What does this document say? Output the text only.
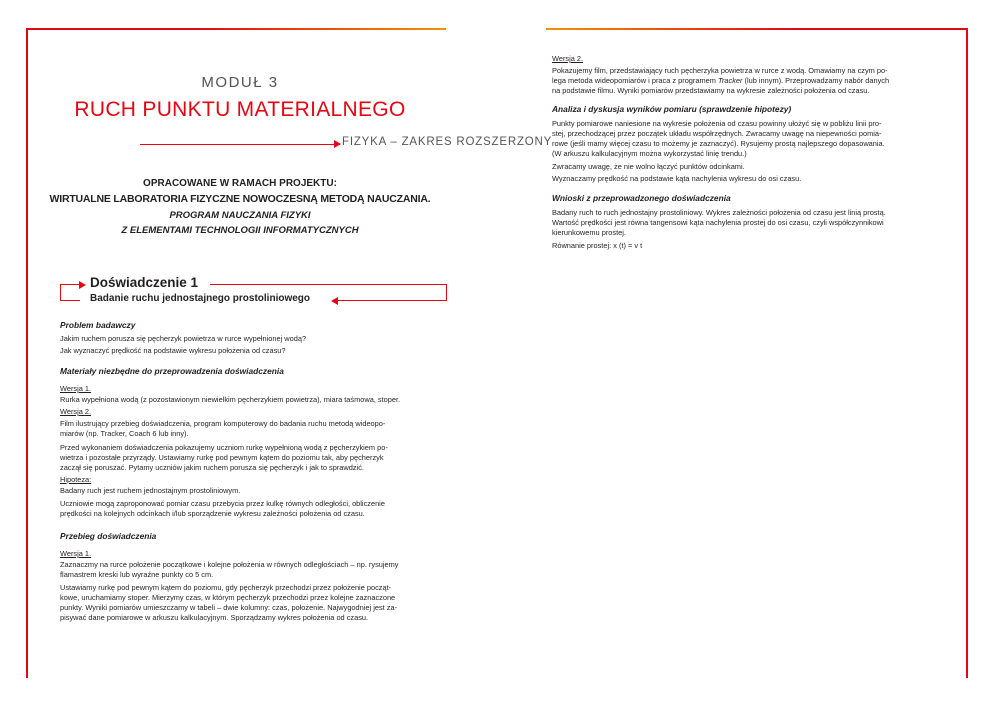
MODUŁ 3
RUCH PUNKTU MATERIALNEGO
FIZYKA – ZAKRES ROZSZERZONY
OPRACOWANE W RAMACH PROJEKTU:
WIRTUALNE LABORATORIA FIZYCZNE NOWOCZESNĄ METODĄ NAUCZANIA.
PROGRAM NAUCZANIA FIZYKI
Z ELEMENTAMI TECHNOLOGII INFORMATYCZNYCH
Doświadczenie 1
Badanie ruchu jednostajnego prostoliniowego
Problem badawczy
Jakim ruchem porusza się pęcherzyk powietrza w rurce wypełnionej wodą?
Jak wyznaczyć prędkość na podstawie wykresu położenia od czasu?
Materiały niezbędne do przeprowadzenia doświadczenia
Wersja 1.
Rurka wypełniona wodą (z pozostawionym niewielkim pęcherzykiem powietrza), miara taśmowa, stoper.
Wersja 2.
Film ilustrujący przebieg doświadczenia, program komputerowy do badania ruchu metodą wideopo-
miarów (np. Tracker, Coach 6 lub inny).
Przed wykonaniem doświadczenia pokazujemy uczniom rurkę wypełnioną wodą z pęcherzykiem po-
wietrza i pozostałe przyrządy. Ustawiamy rurkę pod pewnym kątem do poziomu tak, aby pęcherzyk
zaczął się poruszać. Pytamy uczniów jakim ruchem porusza się pęcherzyk i jak to sprawdzić.
Hipoteza:
Badany ruch jest ruchem jednostajnym prostoliniowym.
Uczniowie mogą zaproponować pomiar czasu przebycia przez kulkę równych odległości, obliczenie
prędkości na kolejnych odcinkach i/lub sporządzenie wykresu zależności położenia od czasu.
Przebieg doświadczenia
Wersja 1.
Zaznaczmy na rurce położenie początkowe i kolejne położenia w równych odległościach – np. rysujemy
flamastrem kreski lub wyraźne punkty co 5 cm.
Ustawiamy rurkę pod pewnym kątem do poziomu, gdy pęcherzyk przechodzi przez położenie począt-
kowe, uruchamiamy stoper. Mierzymy czas, w którym pęcherzyk przechodzi przez kolejne zaznaczone
punkty. Wyniki pomiarów umieszczamy w tabeli – dwie kolumny: czas, położenie. Najwygodniej jest za-
pisywać dane pomiarowe w arkuszu kalkulacyjnym. Sporządzamy wykres położenia od czasu.
Wersja 2.
Pokazujemy film, przedstawiający ruch pęcherzyka powietrza w rurce z wodą. Omawiamy na czym po-
lega metoda wideopomiarów i praca z programem Tracker (lub innym). Przeprowadzamy nabór danych
na podstawie filmu. Wyniki pomiarów przedstawiamy na wykresie zależności położenia od czasu.
Analiza i dyskusja wyników pomiaru (sprawdzenie hipotezy)
Punkty pomiarowe naniesione na wykresie położenia od czasu powinny ułożyć się w pobliżu linii pro-
stej, przechodzącej przez początek układu współrzędnych. Zwracamy uwagę na niepewności pomia-
rowe (jeśli mamy więcej czasu to możemy je zaznaczyć). Rysujemy prostą najlepszego dopasowania.
(W arkuszu kalkulacyjnym można wykorzystać linię trendu.)
Zwracamy uwagę, że nie wolno łączyć punktów odcinkami.
Wyznaczamy prędkość na podstawie kąta nachylenia wykresu do osi czasu.
Wnioski z przeprowadzonego doświadczenia
Badany ruch to ruch jednostajny prostoliniowy. Wykres zależności położenia od czasu jest linią prostą.
Wartość prędkości jest równa tangensowi kąta nachylenia prostej do osi czasu, czyli współczynnikowi
kierunkowemu prostej.
Równanie prostej: x (t) = v t
